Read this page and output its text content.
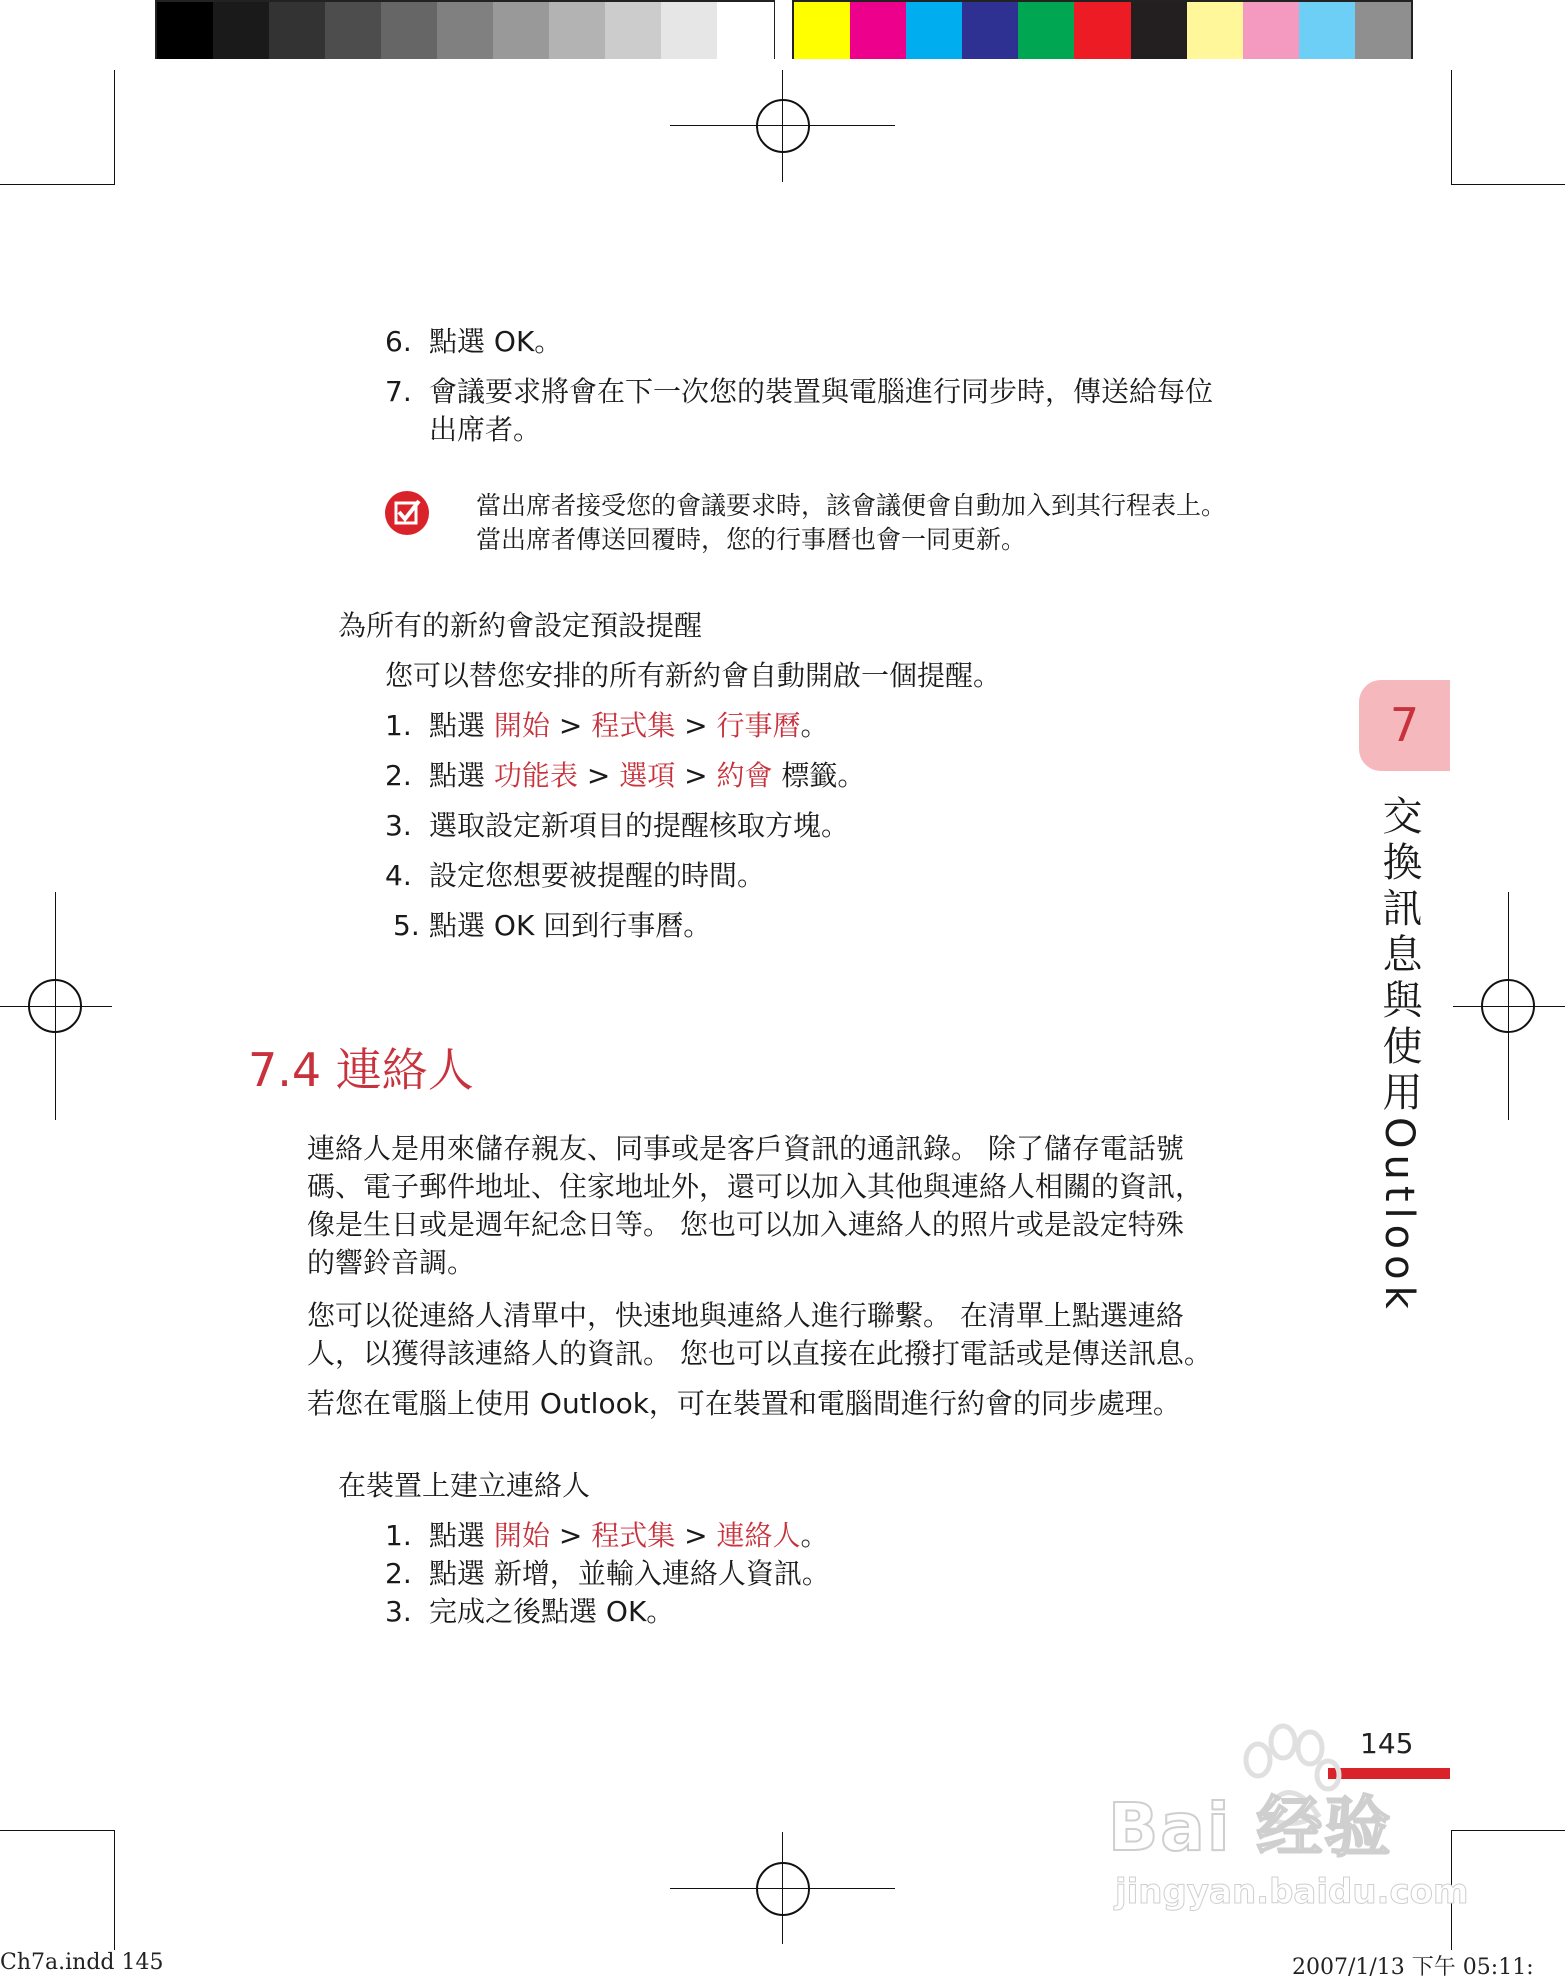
6. 點選 OK。
7. 會議要求將會在下一次您的裝置與電腦進行同步時，傳送給每位
出席者。
當出席者接受您的會議要求時，該會議便會自動加入到其行程表上。
當出席者傳送回覆時，您的行事曆也會一同更新。
為所有的新約會設定預設提醒
您可以替您安排的所有新約會自動開啟一個提醒。
1. 點選 開始 > 程式集 > 行事曆。
2. 點選 功能表 > 選項 > 約會 標籤。
3. 選取設定新項目的提醒核取方塊。
4. 設定您想要被提醒的時間。
5. 點選 OK 回到行事曆。
7.4 連絡人
連絡人是用來儲存親友、同事或是客戶資訊的通訊錄。 除了儲存電話號
碼、電子郵件地址、住家地址外，還可以加入其他與連絡人相關的資訊，
像是生日或是週年紀念日等。 您也可以加入連絡人的照片或是設定特殊
的響鈴音調。
您可以從連絡人清單中，快速地與連絡人進行聯繫。 在清單上點選連絡
人，以獲得該連絡人的資訊。 您也可以直接在此撥打電話或是傳送訊息。
若您在電腦上使用 Outlook，可在裝置和電腦間進行約會的同步處理。
在裝置上建立連絡人
1. 點選 開始 > 程式集 > 連絡人。
2. 點選 新增，並輸入連絡人資訊。
3. 完成之後點選 OK。
7
交換訊息與使用Outlook
145
Bai 经验
jingyan.baidu.com
Ch7a.indd 145	2007/1/13 下午 05:11:
